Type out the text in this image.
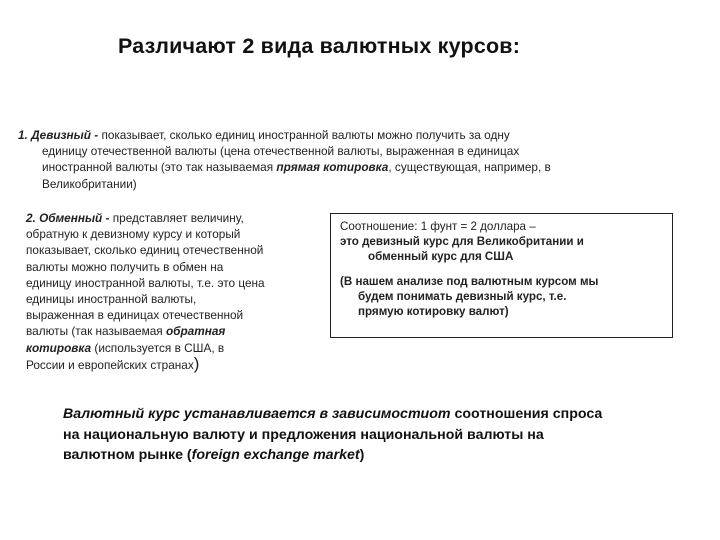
Различают 2 вида валютных курсов:
1. Девизный - показывает, сколько единиц иностранной валюты можно получить за одну
единицу отечественной валюты (цена отечественной валюты, выраженная в единицах
иностранной валюты (это так называемая прямая котировка, существующая, например, в
Великобритании)
2. Обменный - представляет величину,
обратную к девизному курсу и который
показывает, сколько единиц отечественной
валюты можно получить в обмен на
единицу иностранной валюты, т.е. это цена
единицы иностранной валюты,
выраженная в единицах отечественной
валюты (так называемая обратная
котировка (используется в США, в
России и европейских странах)
Соотношение: 1 фунт = 2 доллара –
это девизный курс для Великобритании и
обменный курс для США
(В нашем анализе под валютным курсом мы
будем понимать девизный курс, т.е.
прямую котировку валют)
Валютный курс устанавливается в зависимостиот соотношения спроса
на национальную валюту и предложения национальной валюты на
валютном рынке (foreign exchange market)
